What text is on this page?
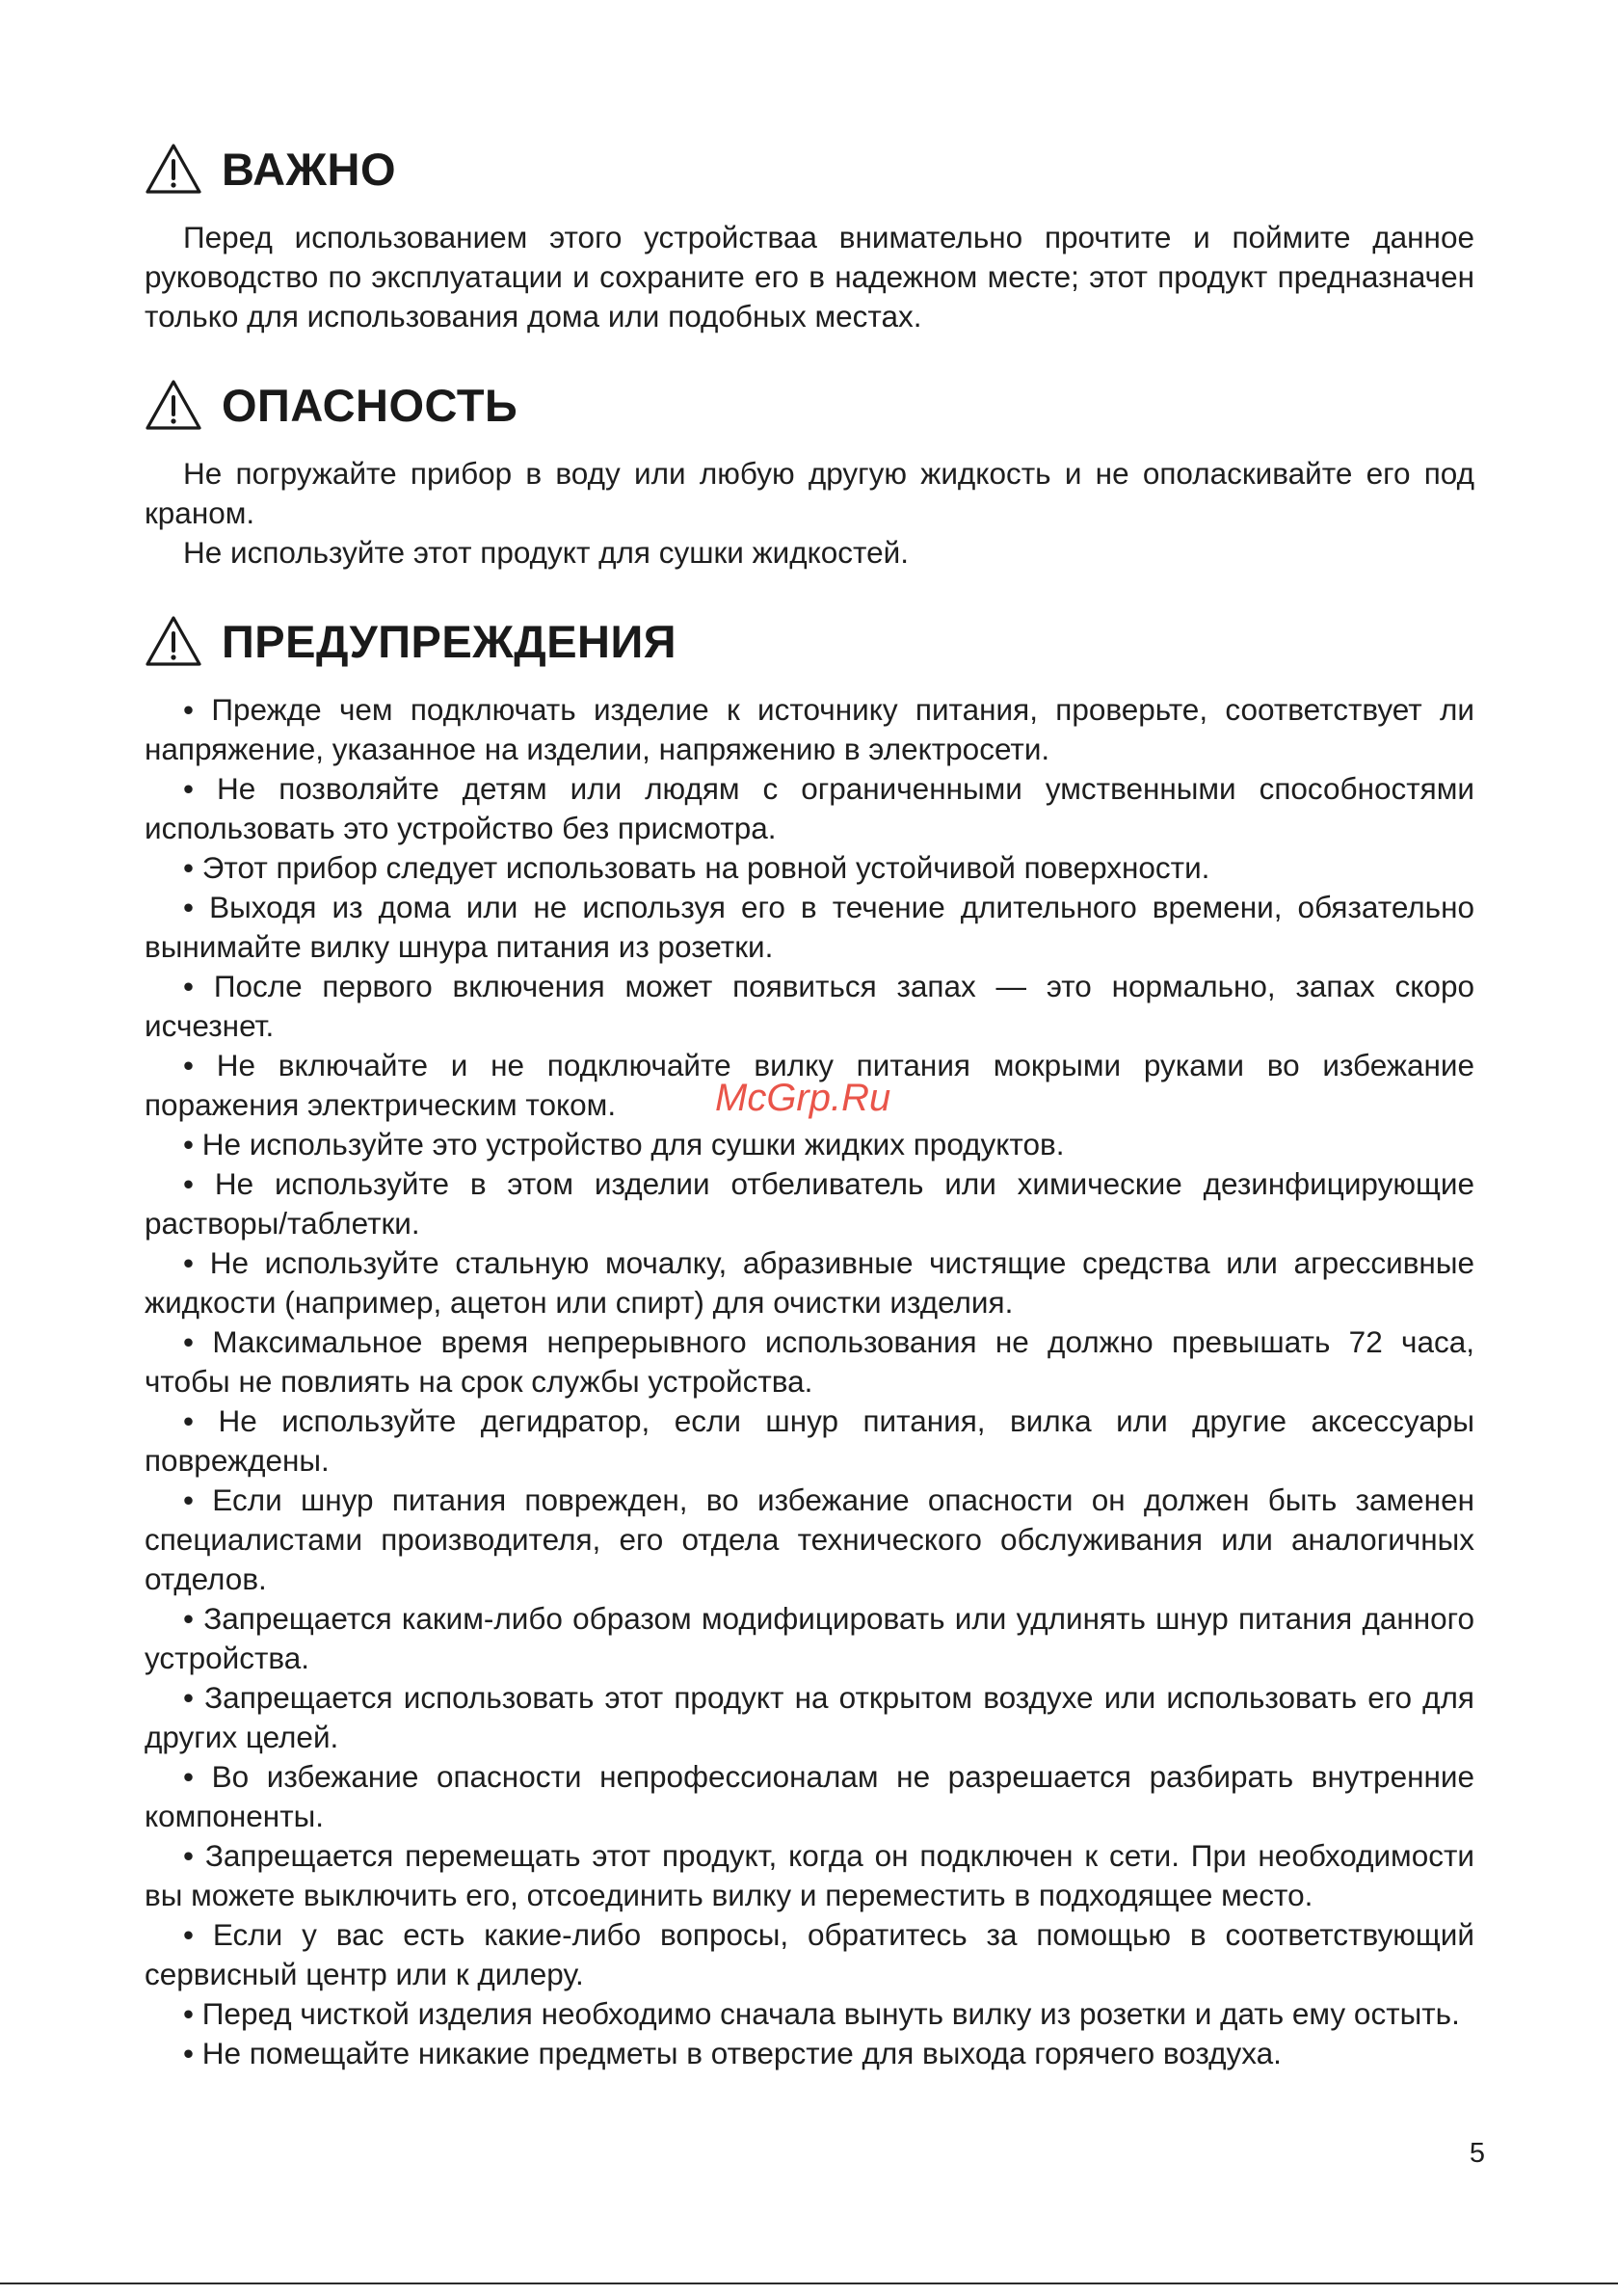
ВАЖНО

Перед использованием этого устройстваа внимательно прочтите и поймите данное руководство по эксплуатации и сохраните его в надежном месте; этот продукт предназначен только для использования дома или подобных местах.

ОПАСНОСТЬ

Не погружайте прибор в воду или любую другую жидкость и не ополаскивайте его под краном.

Не используйте этот продукт для сушки жидкостей.

ПРЕДУПРЕЖДЕНИЯ

• Прежде чем подключать изделие к источнику питания, проверьте, соответствует ли напряжение, указанное на изделии, напряжению в электросети.

• Не позволяйте детям или людям с ограниченными умственными способностями использовать это устройство без присмотра.

• Этот прибор следует использовать на ровной устойчивой поверхности.

• Выходя из дома или не используя его в течение длительного времени, обязательно вынимайте вилку шнура питания из розетки.

• После первого включения может появиться запах — это нормально, запах скоро исчезнет.

• Не включайте и не подключайте вилку питания мокрыми руками во избежание поражения электрическим током.

• Не используйте это устройство для сушки жидких продуктов.

• Не используйте в этом изделии отбеливатель или химические дезинфицирующие растворы/таблетки.

• Не используйте стальную мочалку, абразивные чистящие средства или агрессивные жидкости (например, ацетон или спирт) для очистки изделия.

• Максимальное время непрерывного использования не должно превышать 72 часа, чтобы не повлиять на срок службы устройства.

• Не используйте дегидратор, если шнур питания, вилка или другие аксессуары повреждены.

• Если шнур питания поврежден, во избежание опасности он должен быть заменен специалистами производителя, его отдела технического обслуживания или аналогичных отделов.

• Запрещается каким-либо образом модифицировать или удлинять шнур питания данного устройства.

• Запрещается использовать этот продукт на открытом воздухе или использовать его для других целей.

• Во избежание опасности непрофессионалам не разрешается разбирать внутренние компоненты.

• Запрещается перемещать этот продукт, когда он подключен к сети. При необходимости вы можете выключить его, отсоединить вилку и переместить в подходящее место.

• Если у вас есть какие-либо вопросы, обратитесь за помощью в соответствующий сервисный центр или к дилеру.

• Перед чисткой изделия необходимо сначала вынуть вилку из розетки и дать ему остыть.

• Не помещайте никакие предметы в отверстие для выхода горячего воздуха.

McGrp.Ru
5
